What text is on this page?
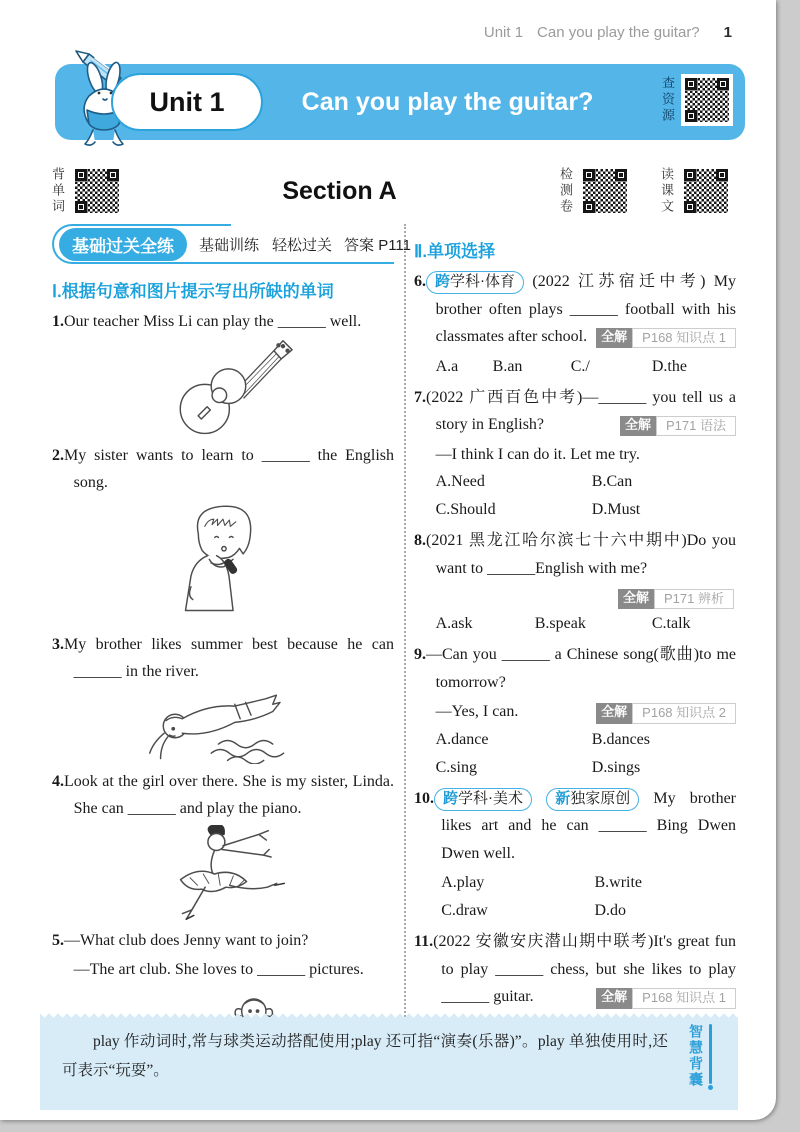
Unit 1 Can you play the guitar? 1
Unit 1	Can you play the guitar?	查资源
背单词	Section A	检测卷	读课文
基础过关全练	基础训练 轻松过关 答案 P111
Ⅰ.根据句意和图片提示写出所缺的单词

1.Our teacher Miss Li can play the ______ well.

2.My sister wants to learn to ______ the English song.

3.My brother likes summer best because he can ______ in the river.

4.Look at the girl over there. She is my sister, Linda. She can ______ and play the piano.

5.—What club does Jenny want to join?

—The art club. She loves to ______ pictures.

Ⅱ.单项选择

6. 跨学科·体育 (2022 江苏宿迁中考) My brother often plays ______ football with his classmates after school.	全解	P168 知识点 1

A.a	B.an	C./	D.the

7.(2022 广西百色中考)—______ you tell us a story in English?	全解	P171 语法

—I think I can do it. Let me try.

A.Need	B.Can
C.Should	D.Must

8.(2021 黑龙江哈尔滨七十六中期中)Do you want to ______English with me?

全解	P171 辨析
A.ask	B.speak	C.talk

9.—Can you ______ a Chinese song(歌曲)to me tomorrow?

—Yes, I can.	全解	P168 知识点 2

A.dance	B.dances
C.sing	D.sings

10. 跨学科·美术 新独家原创 My brother likes art and he can ______ Bing Dwen Dwen well.

A.play	B.write
C.draw	D.do

11.(2022 安徽安庆潜山期中联考)It's great fun to play ______ chess, but she likes to play ______ guitar.	全解	P168 知识点 1

play 作动词时,常与球类运动搭配使用;play 还可指“演奏(乐器)”。play 单独使用时,还可表示“玩耍”。	智慧背囊
